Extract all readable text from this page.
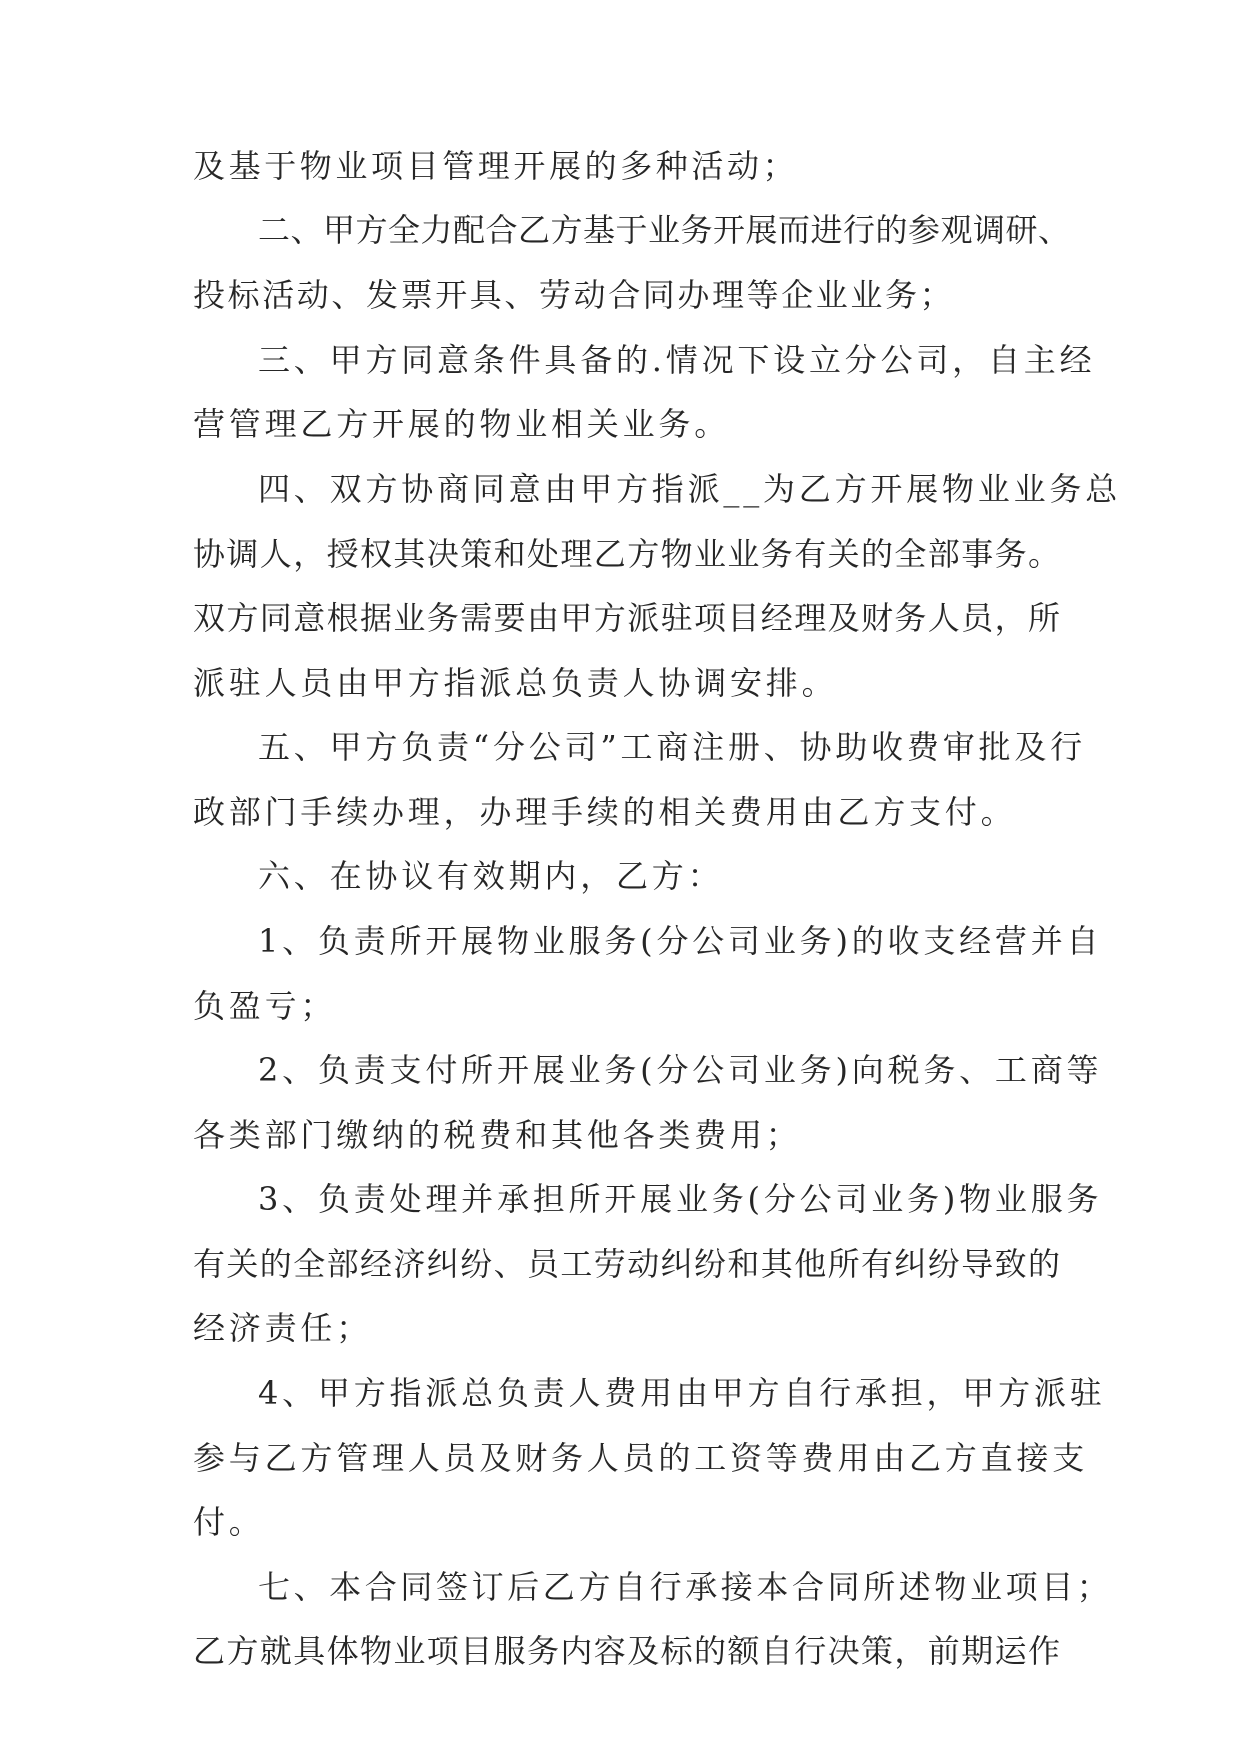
及基于物业项目管理开展的多种活动；
二、甲方全力配合乙方基于业务开展而进行的参观调研、
投标活动、发票开具、劳动合同办理等企业业务；
三、甲方同意条件具备的.情况下设立分公司，自主经
营管理乙方开展的物业相关业务。
四、双方协商同意由甲方指派__为乙方开展物业业务总
协调人，授权其决策和处理乙方物业业务有关的全部事务。
双方同意根据业务需要由甲方派驻项目经理及财务人员，所
派驻人员由甲方指派总负责人协调安排。
五、甲方负责“分公司”工商注册、协助收费审批及行
政部门手续办理，办理手续的相关费用由乙方支付。
六、在协议有效期内，乙方：
1、负责所开展物业服务(分公司业务)的收支经营并自
负盈亏；
2、负责支付所开展业务(分公司业务)向税务、工商等
各类部门缴纳的税费和其他各类费用；
3、负责处理并承担所开展业务(分公司业务)物业服务
有关的全部经济纠纷、员工劳动纠纷和其他所有纠纷导致的
经济责任；
4、甲方指派总负责人费用由甲方自行承担，甲方派驻
参与乙方管理人员及财务人员的工资等费用由乙方直接支
付。
七、本合同签订后乙方自行承接本合同所述物业项目；
乙方就具体物业项目服务内容及标的额自行决策，前期运作
